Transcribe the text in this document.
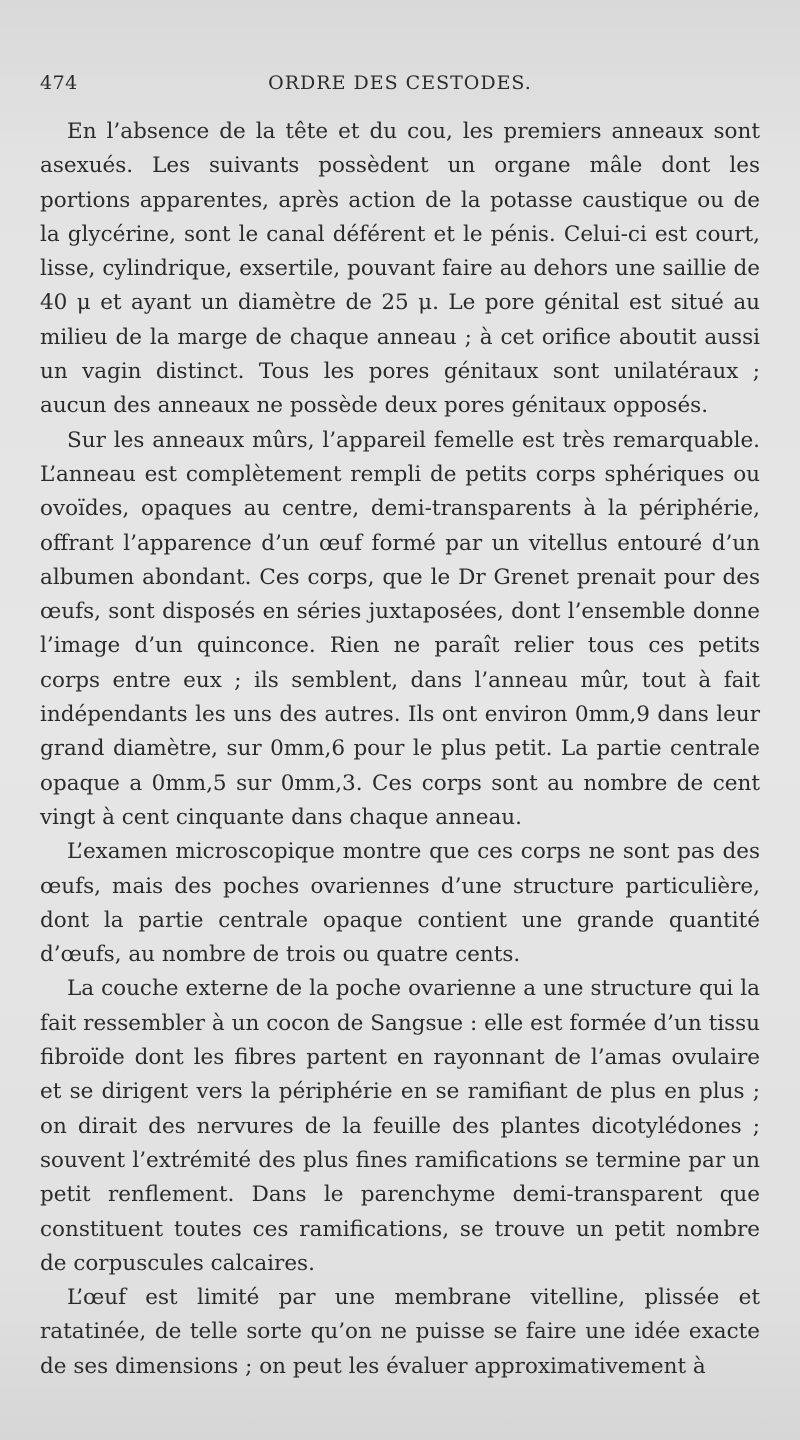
474	ORDRE DES CESTODES.

En l’absence de la tête et du cou, les premiers anneaux sont asexués. Les suivants possèdent un organe mâle dont les portions apparentes, après action de la potasse caustique ou de la glycérine, sont le canal déférent et le pénis. Celui-ci est court, lisse, cylindrique, exsertile, pouvant faire au dehors une saillie de 40 μ et ayant un diamètre de 25 μ. Le pore génital est situé au milieu de la marge de chaque anneau ; à cet orifice aboutit aussi un vagin distinct. Tous les pores génitaux sont unilatéraux ; aucun des anneaux ne possède deux pores génitaux opposés.

Sur les anneaux mûrs, l’appareil femelle est très remarquable. L’anneau est complètement rempli de petits corps sphériques ou ovoïdes, opaques au centre, demi-transparents à la périphérie, offrant l’apparence d’un œuf formé par un vitellus entouré d’un albumen abondant. Ces corps, que le Dr Grenet prenait pour des œufs, sont disposés en séries juxtaposées, dont l’ensemble donne l’image d’un quinconce. Rien ne paraît relier tous ces petits corps entre eux ; ils semblent, dans l’anneau mûr, tout à fait indépendants les uns des autres. Ils ont environ 0mm,9 dans leur grand diamètre, sur 0mm,6 pour le plus petit. La partie centrale opaque a 0mm,5 sur 0mm,3. Ces corps sont au nombre de cent vingt à cent cinquante dans chaque anneau.

L’examen microscopique montre que ces corps ne sont pas des œufs, mais des poches ovariennes d’une structure particulière, dont la partie centrale opaque contient une grande quantité d’œufs, au nombre de trois ou quatre cents.

La couche externe de la poche ovarienne a une structure qui la fait ressembler à un cocon de Sangsue : elle est formée d’un tissu fibroïde dont les fibres partent en rayonnant de l’amas ovulaire et se dirigent vers la périphérie en se ramifiant de plus en plus ; on dirait des nervures de la feuille des plantes dicotylédones ; souvent l’extrémité des plus fines ramifications se termine par un petit renflement. Dans le parenchyme demi-transparent que constituent toutes ces ramifications, se trouve un petit nombre de corpuscules calcaires.

L’œuf est limité par une membrane vitelline, plissée et ratatinée, de telle sorte qu’on ne puisse se faire une idée exacte de ses dimensions ; on peut les évaluer approximativement à
